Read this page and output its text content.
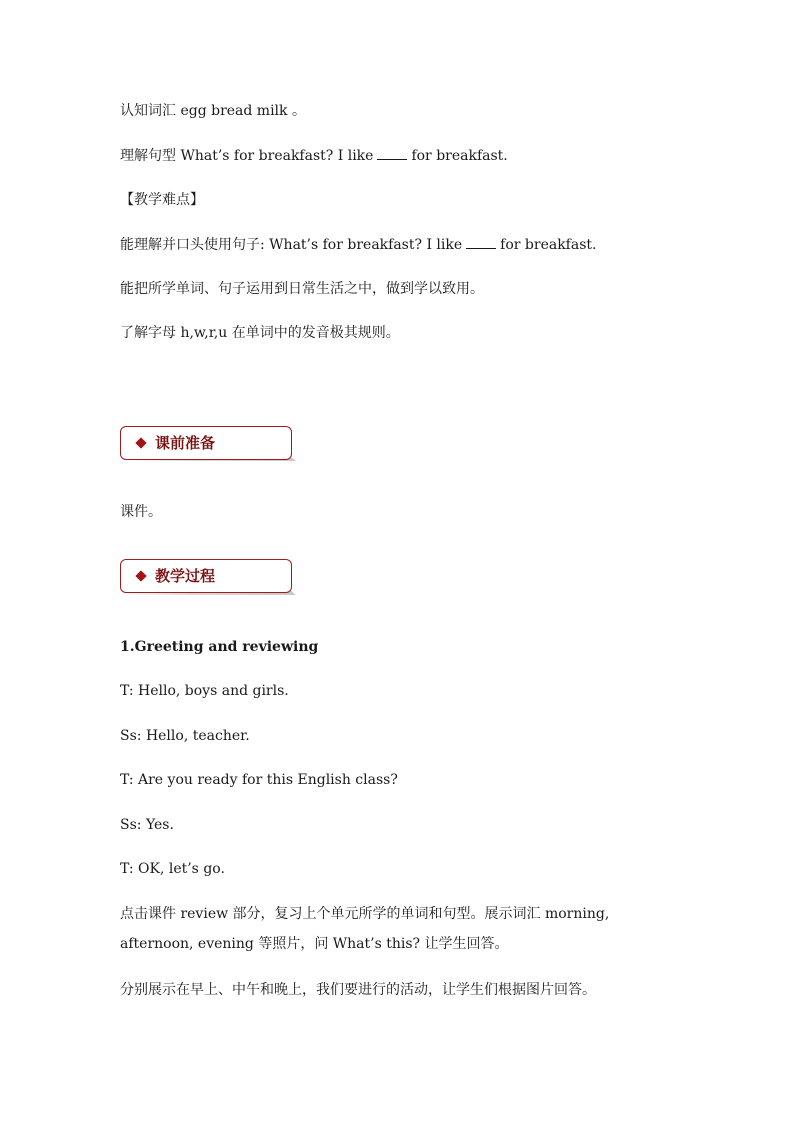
认知词汇 egg bread milk 。
理解句型 What’s for breakfast? I like	for breakfast.
【教学难点】
能理解并口头使用句子: What’s for breakfast? I like	for breakfast.
能把所学单词、句子运用到日常生活之中，做到学以致用。
了解字母 h,w,r,u 在单词中的发音极其规则。
课前准备
课件。
教学过程
1.Greeting and reviewing
T: Hello, boys and girls.
Ss: Hello, teacher.
T: Are you ready for this English class?
Ss: Yes.
T: OK, let’s go.
点击课件 review 部分，复习上个单元所学的单词和句型。展示词汇 morning, afternoon, evening 等照片，问 What’s this? 让学生回答。
分别展示在早上、中午和晚上，我们要进行的活动，让学生们根据图片回答。
